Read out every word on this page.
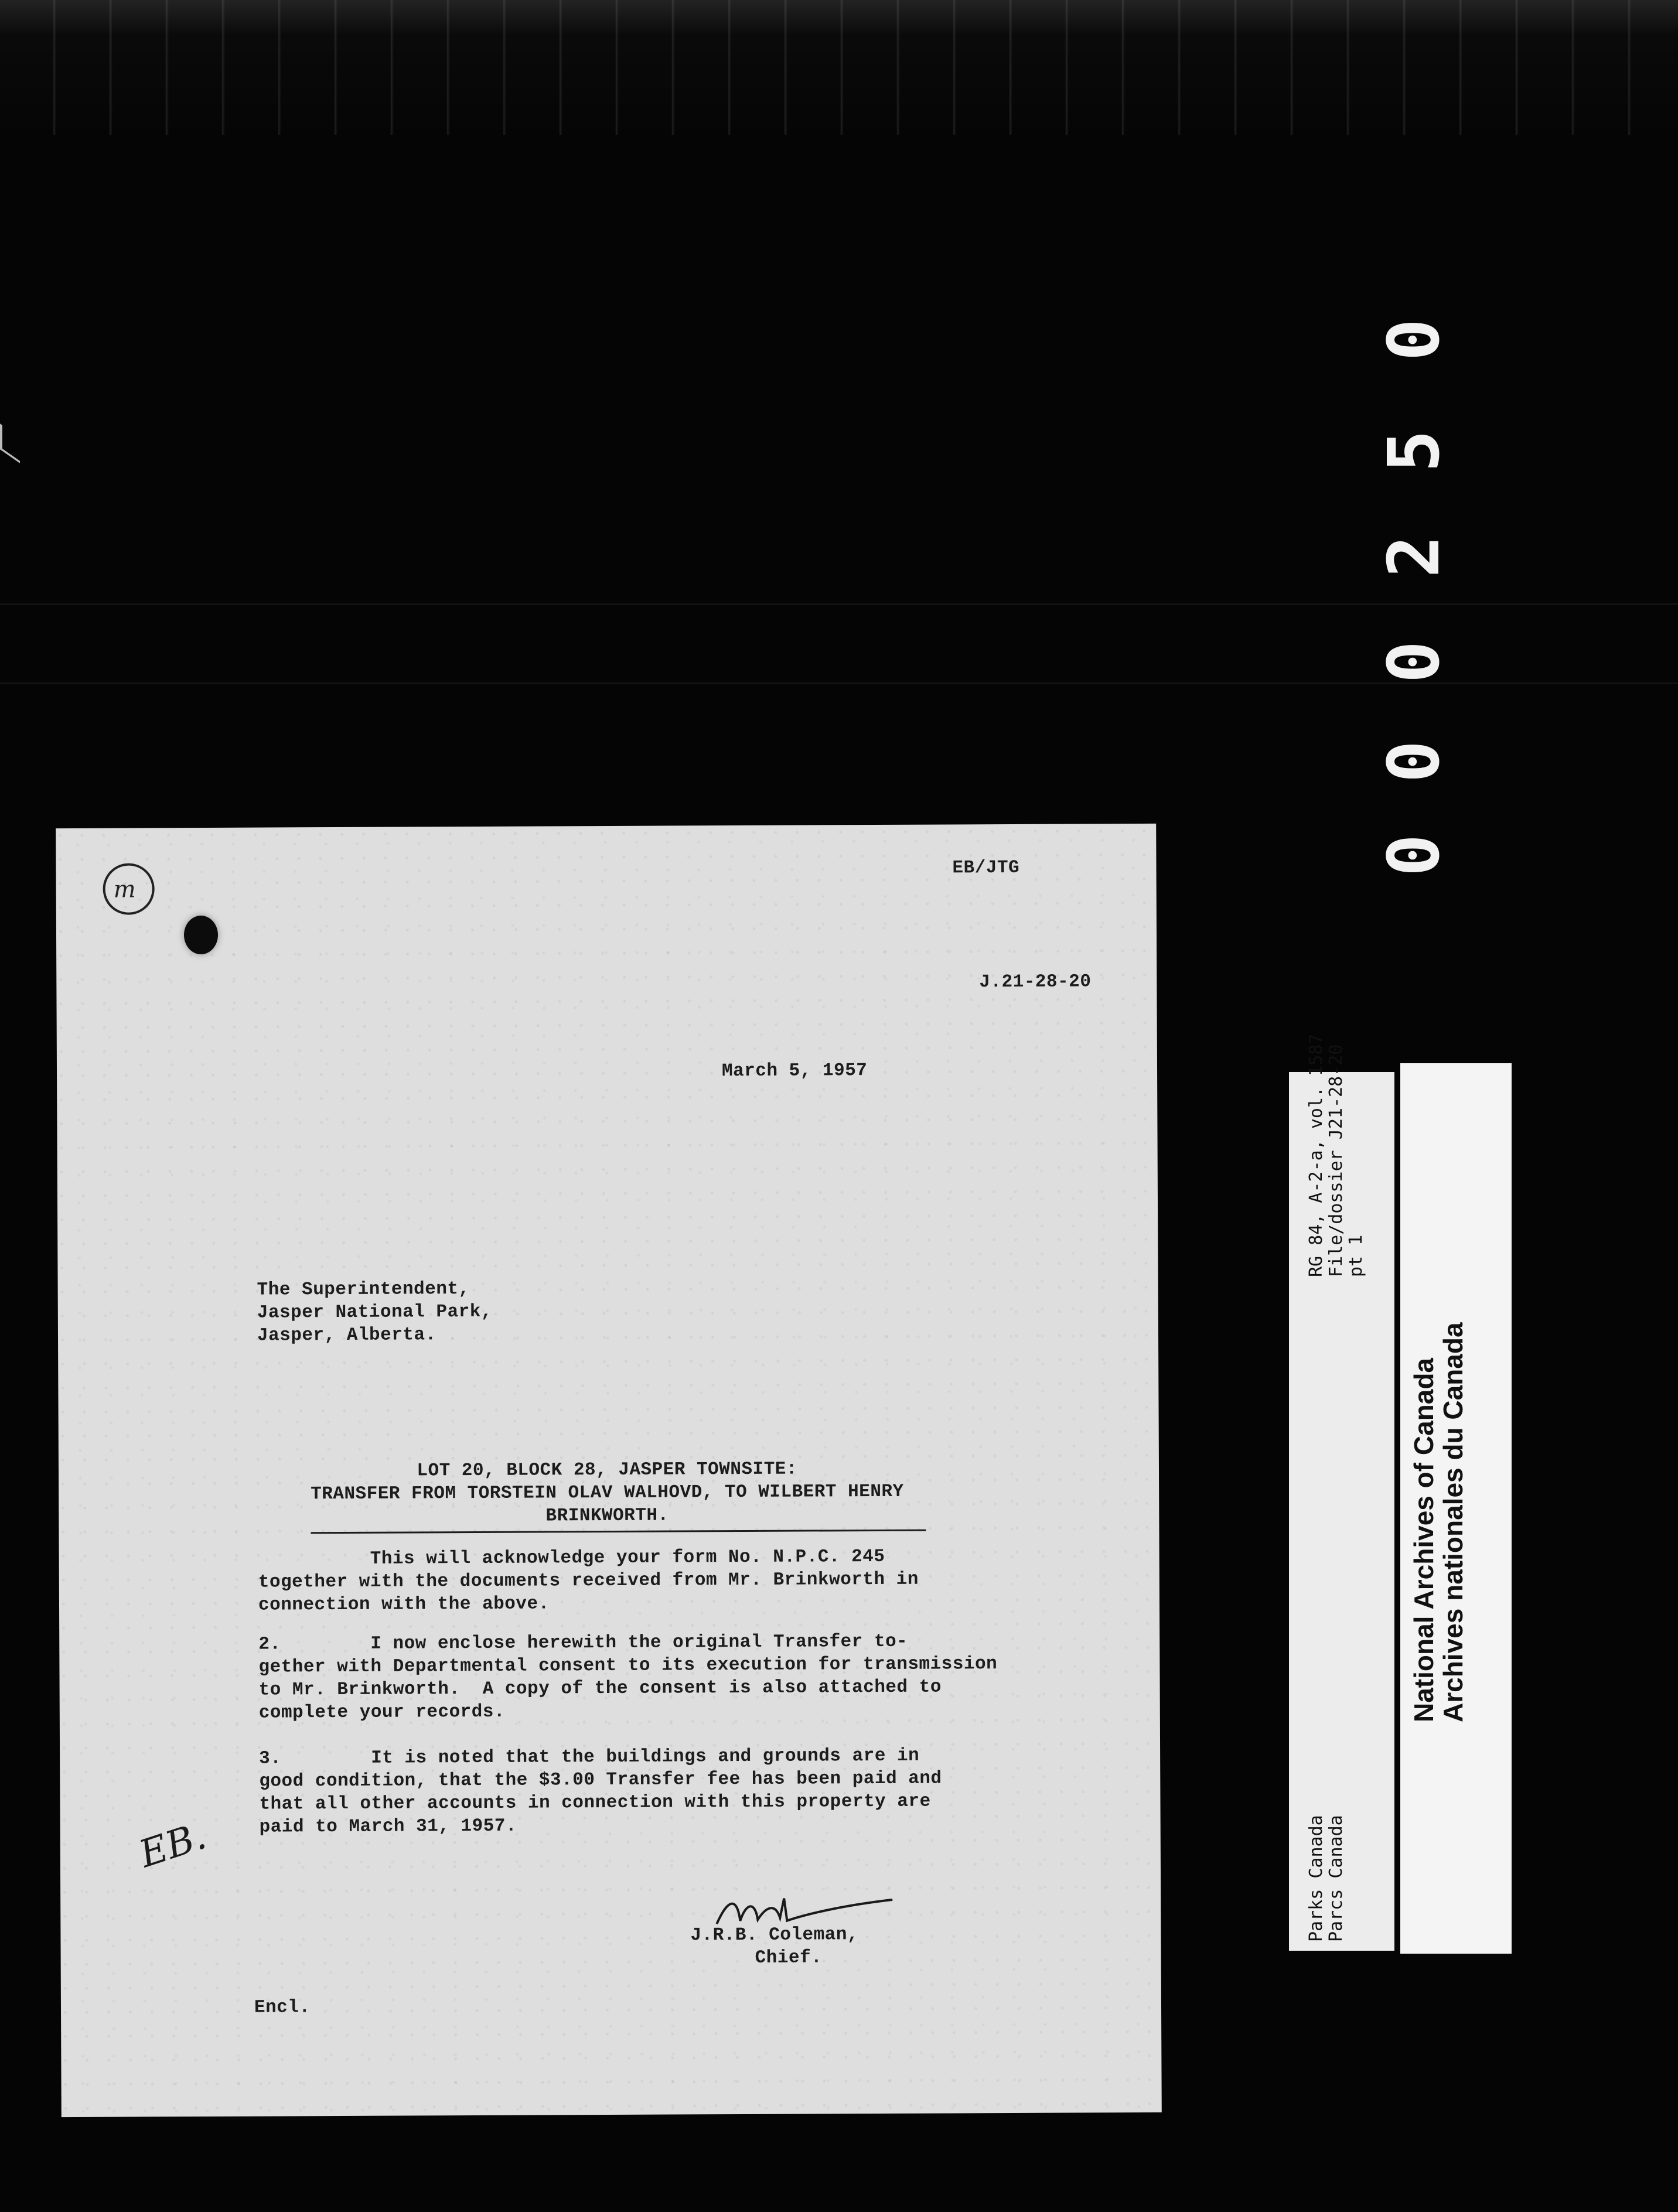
0
5
2
0
0
0
m
EB/JTG
J.21-28-20
March 5, 1957
The Superintendent,
Jasper National Park,
Jasper, Alberta.
LOT 20, BLOCK 28, JASPER TOWNSITE:
TRANSFER FROM TORSTEIN OLAV WALHOVD, TO WILBERT HENRY
BRINKWORTH.
This will acknowledge your form No. N.P.C. 245
together with the documents received from Mr. Brinkworth in
connection with the above.
2.        I now enclose herewith the original Transfer to-
gether with Departmental consent to its execution for transmission
to Mr. Brinkworth.  A copy of the consent is also attached to
complete your records.
3.        It is noted that the buildings and grounds are in
good condition, that the $3.00 Transfer fee has been paid and
that all other accounts in connection with this property are
paid to March 31, 1957.
EB.
J.R.B. Coleman,
Chief.
Encl.
RG 84, A-2-a, vol. 1587 File/dossier J21-28-20 pt 1
Parks Canada Parcs Canada
National Archives of Canada
Archives nationales du Canada
